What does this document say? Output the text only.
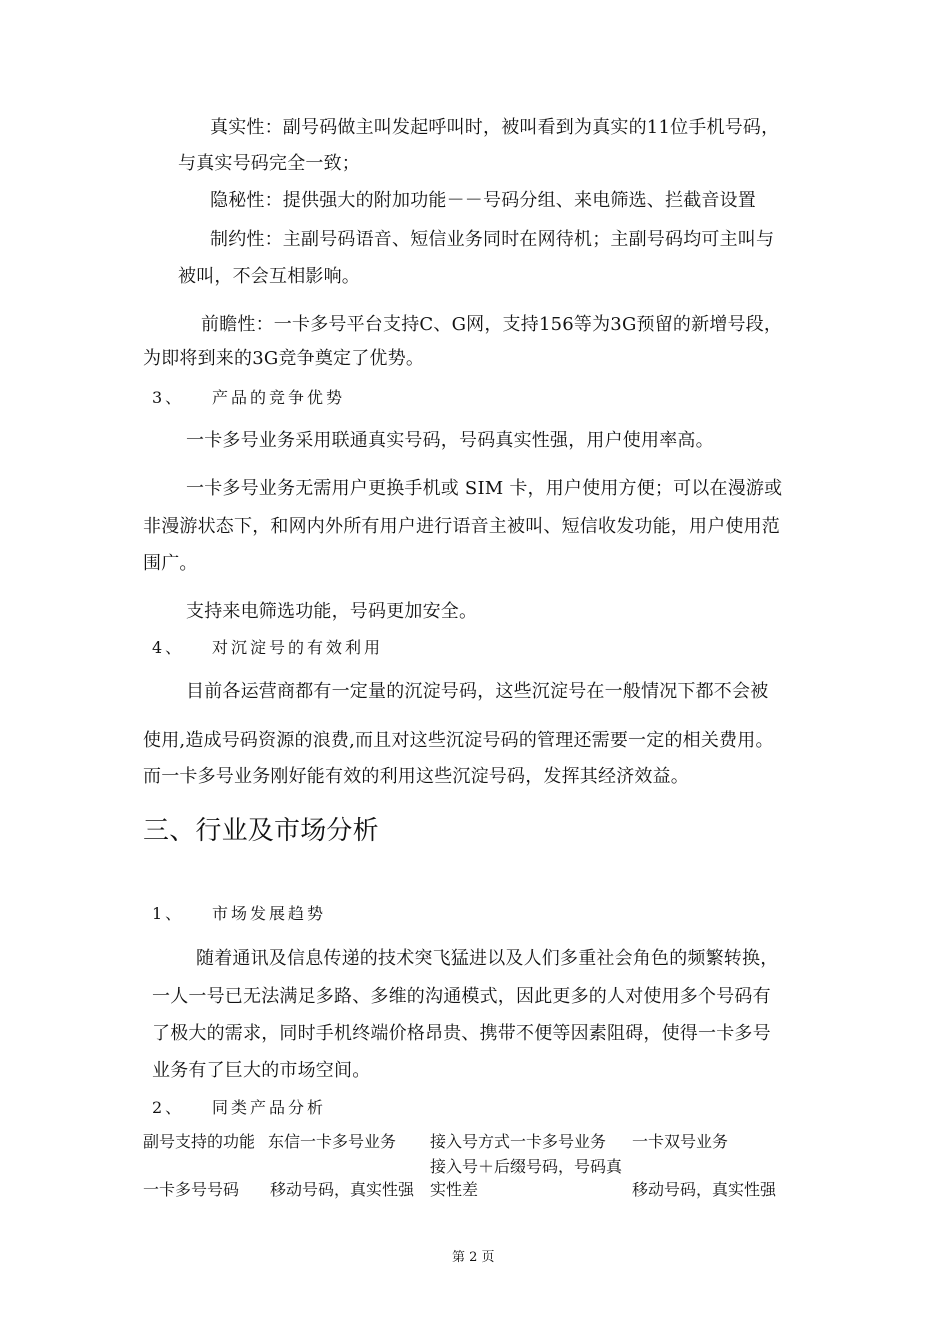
真实性：副号码做主叫发起呼叫时，被叫看到为真实的11位手机号码，
与真实号码完全一致；
隐秘性：提供强大的附加功能－－号码分组、来电筛选、拦截音设置
制约性：主副号码语音、短信业务同时在网待机；主副号码均可主叫与
被叫，不会互相影响。
前瞻性：一卡多号平台支持C、G网，支持156等为3G预留的新增号段，
为即将到来的3G竞争奠定了优势。
3、 产品的竞争优势
一卡多号业务采用联通真实号码，号码真实性强，用户使用率高。
一卡多号业务无需用户更换手机或 SIM 卡，用户使用方便；可以在漫游或
非漫游状态下，和网内外所有用户进行语音主被叫、短信收发功能，用户使用范
围广。
支持来电筛选功能，号码更加安全。
4、 对沉淀号的有效利用
目前各运营商都有一定量的沉淀号码，这些沉淀号在一般情况下都不会被
使用,造成号码资源的浪费,而且对这些沉淀号码的管理还需要一定的相关费用。
而一卡多号业务刚好能有效的利用这些沉淀号码，发挥其经济效益。
三、行业及市场分析
1、 市场发展趋势
随着通讯及信息传递的技术突飞猛进以及人们多重社会角色的频繁转换，
一人一号已无法满足多路、多维的沟通模式，因此更多的人对使用多个号码有
了极大的需求，同时手机终端价格昂贵、携带不便等因素阻碍，使得一卡多号
业务有了巨大的市场空间。
2、 同类产品分析
副号支持的功能 东信一卡多号业务 接入号方式一卡多号业务 一卡双号业务
接入号＋后缀号码，号码真
一卡多号号码 移动号码，真实性强 实性差	移动号码，真实性强
第 2 页
